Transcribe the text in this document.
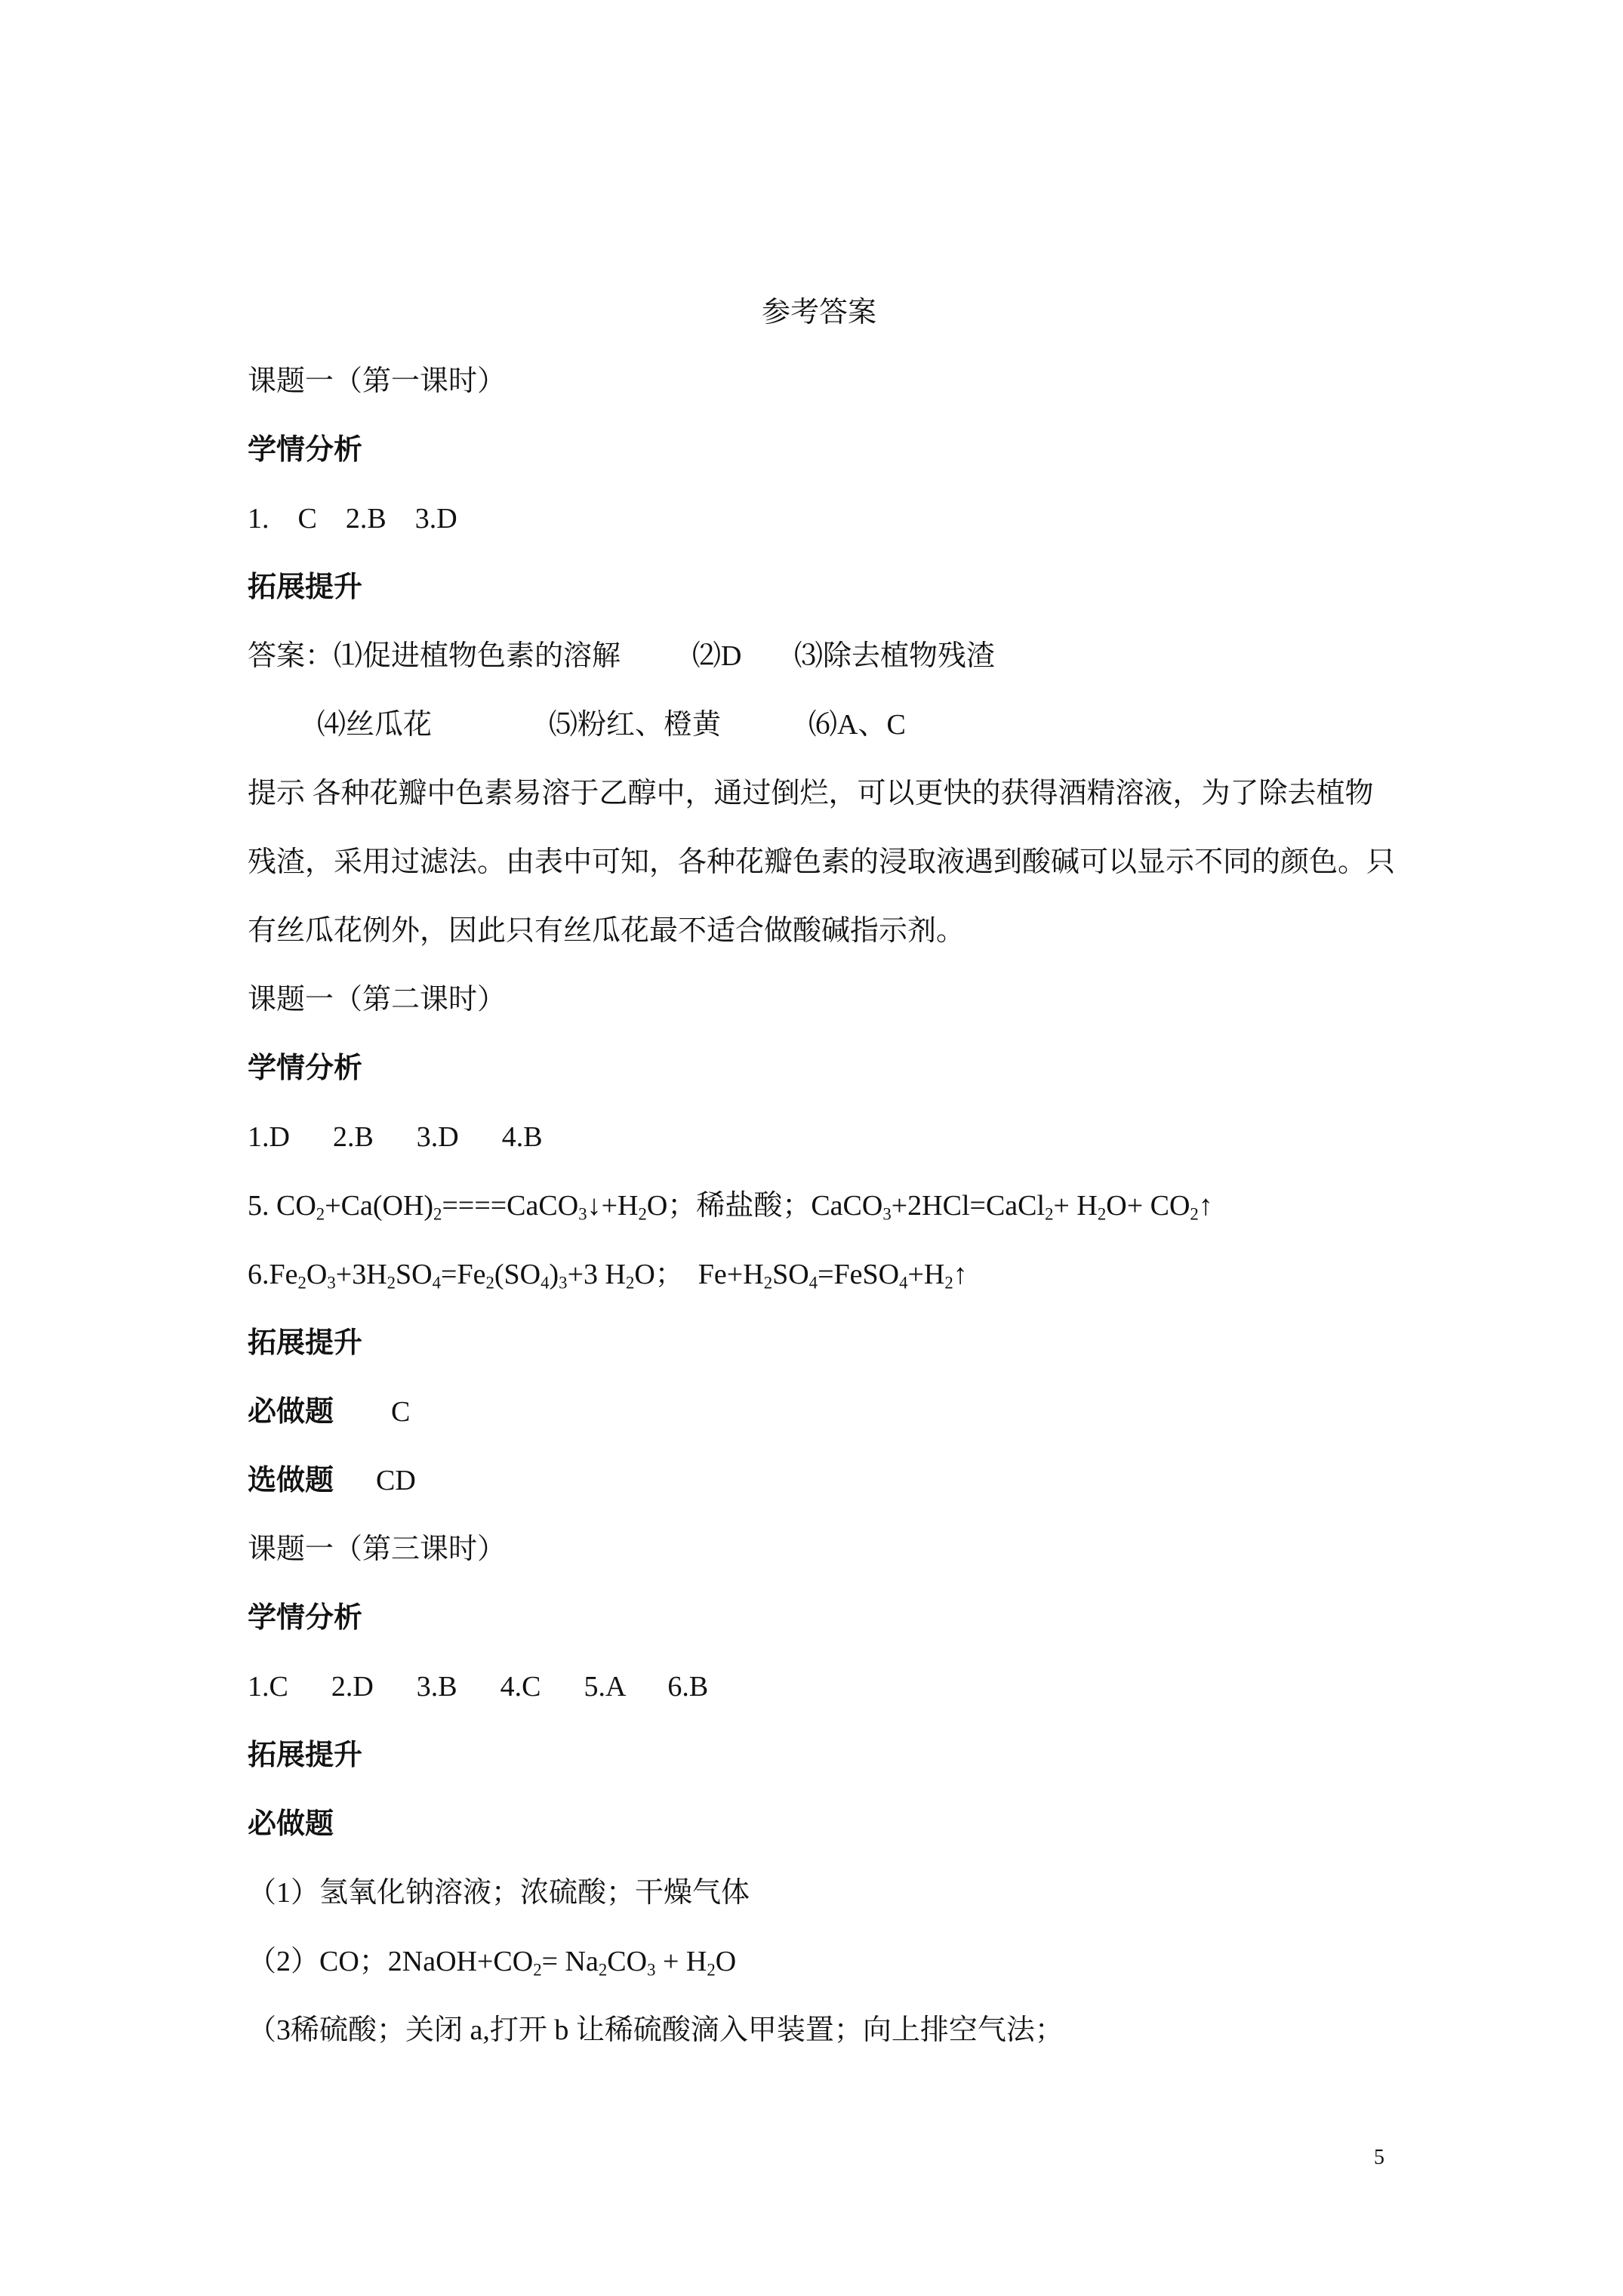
参考答案
课题一（第一课时）
学情分析
1.  C  2.B  3.D
拓展提升
答案：⑴促进植物色素的溶解 ⑵D ⑶除去植物残渣
⑷丝瓜花	⑸粉红、橙黄	⑹A、C
提示 各种花瓣中色素易溶于乙醇中，通过倒烂，可以更快的获得酒精溶液，为了除去植物
残渣，采用过滤法。由表中可知，各种花瓣色素的浸取液遇到酸碱可以显示不同的颜色。只
有丝瓜花例外，因此只有丝瓜花最不适合做酸碱指示剂。
课题一（第二课时）
学情分析
1.D   2.B   3.D   4.B
5. $CO_2+Ca(OH)_2====CaCO_3↓+H_2O$；稀盐酸；CaCO$_3$+2HCl=CaCl$_2$+ $H_2O+$ $CO_2↑$
$6.Fe_2O_3+3H_2SO_4=Fe_2(SO_4)_3+3$ $H_2O$；  $Fe+H_2SO_4=FeSO_4+H_2↑$
拓展提升
必做题 C
选做题 CD
课题一（第三课时）
学情分析
1.C   2.D   3.B   4.C   5.A   6.B
拓展提升
必做题
（1）氢氧化钠溶液；浓硫酸；干燥气体
（2）CO；$2NaOH+CO_2= Na_2CO_3 + H_2O$
（3稀硫酸；关闭 a,打开 b 让稀硫酸滴入甲装置；向上排空气法；
5
